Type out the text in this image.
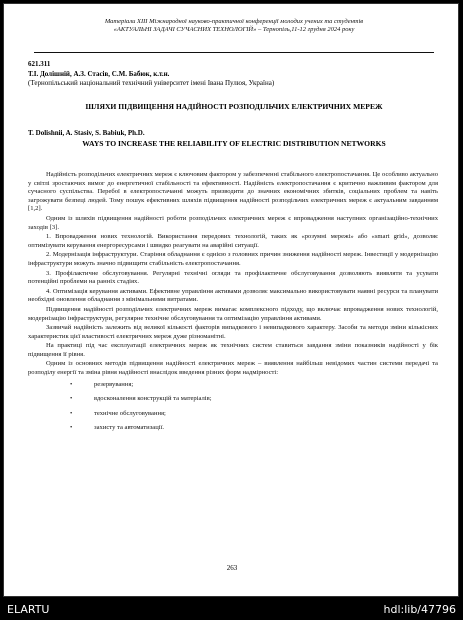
Матеріали XIII Міжнародної науково-практичної конференції молодих учених та студентів
«АКТУАЛЬНІ ЗАДАЧІ СУЧАСНИХ ТЕХНОЛОГІЙ» – Тернопіль,11-12 грудня 2024 року
621.311
Т.І. Долішній, А.З. Стасів, С.М. Бабюк, к.т.н.
(Тернопільський національний технічний університет імені Івана Пулюя, Україна)
ШЛЯХИ ПІДВИЩЕННЯ НАДІЙНОСТІ РОЗПОДІЛЬЧИХ ЕЛЕКТРИЧНИХ МЕРЕЖ
T. Dolishnii, A. Stasiv, S. Babiuk, Ph.D.
WAYS TO INCREASE THE RELIABILITY OF ELECTRIC DISTRIBUTION NETWORKS

Надійність розподільчих електричних мереж є ключовим фактором у забезпеченні стабільного електропостачання. Це особливо актуально у світлі зростаючих вимог до енергетичної стабільності та ефективності. Надійність електропостачання є критично важливим фактором для сучасного суспільства. Перебої в електропостачанні можуть призводити до значних економічних збитків, соціальних проблем та навіть загрожувати безпеці людей. Тому пошук ефективних шляхів підвищення надійності розподільчих електричних мереж є актуальним завданням [1,2].

Одним із шляхів підвищення надійності роботи розподільчих електричних мереж є впровадження наступних організаційно-технічних заходів [3].

1. Впровадження нових технологій. Використання передових технологій, таких як «розумні мережі» або «smart grid», дозволяє оптимізувати керування енергоресурсами і швидко реагувати на аварійні ситуації.

2. Модернізація інфраструктури. Старіння обладнання є однією з головних причин зниження надійності мереж. Інвестиції у модернізацію інфраструктури можуть значно підвищити стабільність електропостачання.

3. Профілактичне обслуговування. Регулярні технічні огляди та профілактичне обслуговування дозволяють виявляти та усувати потенційні проблеми на ранніх стадіях.

4. Оптимізація керування активами. Ефективне управління активами дозволяє максимально використовувати наявні ресурси та планувати необхідні оновлення обладнання з мінімальними витратами.

Підвищення надійності розподільчих електричних мереж вимагає комплексного підходу, що включає впровадження нових технологій, модернізацію інфраструктури, регулярне технічне обслуговування та оптимізацію управління активами.

Зазвичай надійність залежить від великої кількості факторів випадкового і невипадкового характеру. Засоби та методи зміни кількісних характеристик цієї властивості електричних мереж дуже різноманітні.

На практиці під час експлуатації електричних мереж як технічних систем ставиться завдання зміни показників надійності у бік підвищення її рівня.

Одним із основних методів підвищення надійності електричних мереж – виявлення найбільш невідомих частин системи передачі та розподілу енергії та зміна рівня надійності внаслідок введення різних форм надмірності:

•	резервування;
•	вдосконалення конструкцій та матеріалів;
•	технічне обслуговування;
•	захисту та автоматизації.
263
ELARTU	hdl:lib/47796
